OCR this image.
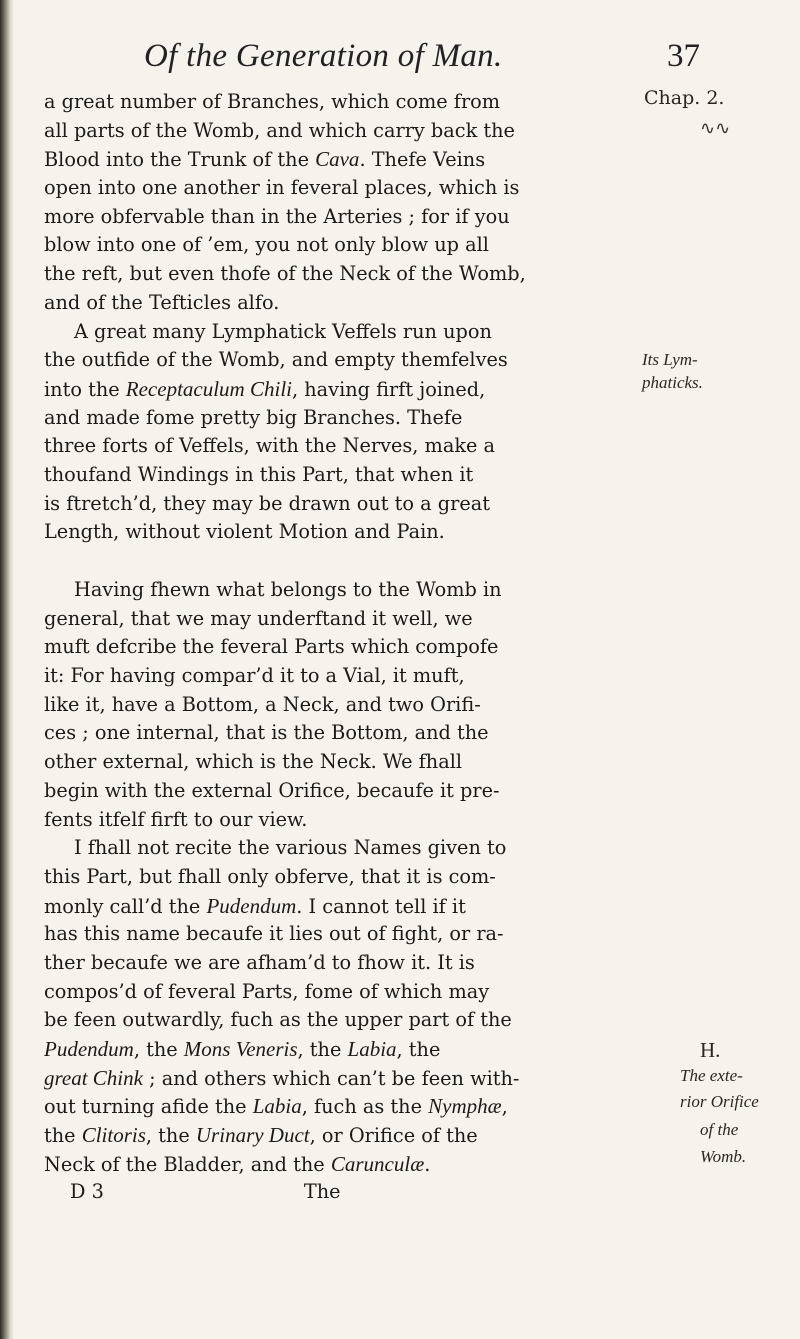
Of the Generation of Man.	37
Chap. 2.
∿∿
Its Lym-
phaticks.
H.
The exte-
rior Orifice
of the
Womb.
a great number of Branches, which come from
all parts of the Womb, and which carry back the
Blood into the Trunk of the Cava. Thefe Veins
open into one another in feveral places, which is
more obfervable than in the Arteries ; for if you
blow into one of ’em, you not only blow up all
the reft, but even thofe of the Neck of the Womb,
and of the Tefticles alfo.
A great many Lymphatick Veffels run upon
the outfide of the Womb, and empty themfelves
into the Receptaculum Chili, having firft joined,
and made fome pretty big Branches. Thefe
three forts of Veffels, with the Nerves, make a
thoufand Windings in this Part, that when it
is ftretch’d, they may be drawn out to a great
Length, without violent Motion and Pain.
Having fhewn what belongs to the Womb in
general, that we may underftand it well, we
muft defcribe the feveral Parts which compofe
it: For having compar’d it to a Vial, it muft,
like it, have a Bottom, a Neck, and two Orifi-
ces ; one internal, that is the Bottom, and the
other external, which is the Neck. We fhall
begin with the external Orifice, becaufe it pre-
fents itfelf firft to our view.
I fhall not recite the various Names given to
this Part, but fhall only obferve, that it is com-
monly call’d the Pudendum. I cannot tell if it
has this name becaufe it lies out of fight, or ra-
ther becaufe we are afham’d to fhow it. It is
compos’d of feveral Parts, fome of which may
be feen outwardly, fuch as the upper part of the
Pudendum, the Mons Veneris, the Labia, the
great Chink ; and others which can’t be feen with-
out turning afide the Labia, fuch as the Nymphæ,
the Clitoris, the Urinary Duct, or Orifice of the
Neck of the Bladder, and the Carunculæ.
D 3	The
